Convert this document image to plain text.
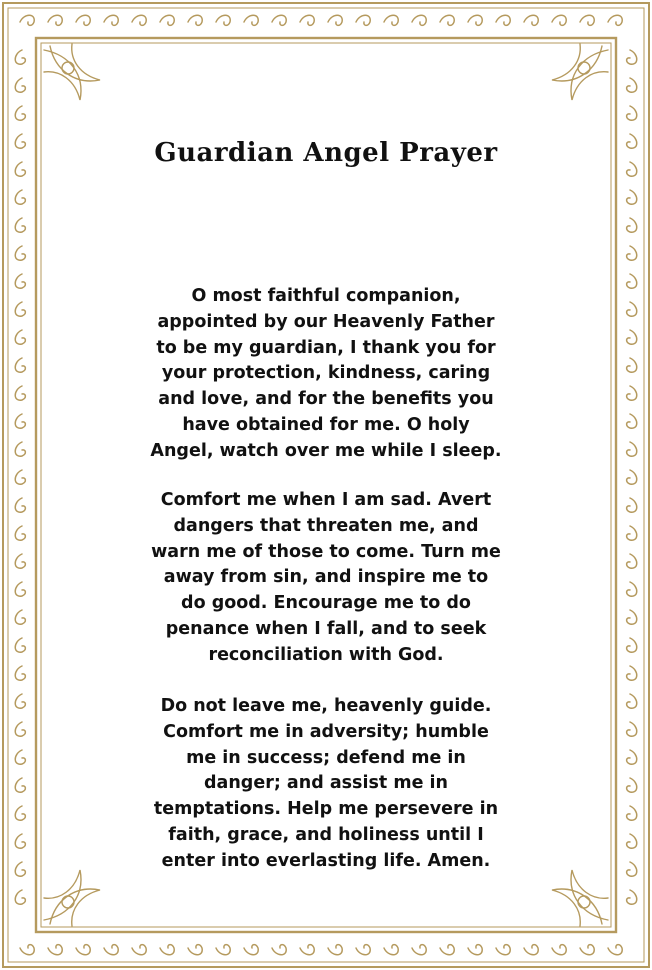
Guardian Angel Prayer

O most faithful companion, appointed by our Heavenly Father to be my guardian, I thank you for your protection, kindness, caring and love, and for the benefits you have obtained for me. O holy Angel, watch over me while I sleep.

Comfort me when I am sad. Avert dangers that threaten me, and warn me of those to come. Turn me away from sin, and inspire me to do good. Encourage me to do penance when I fall, and to seek reconciliation with God.

Do not leave me, heavenly guide. Comfort me in adversity; humble me in success; defend me in danger; and assist me in temptations. Help me persevere in faith, grace, and holiness until I enter into everlasting life. Amen.
